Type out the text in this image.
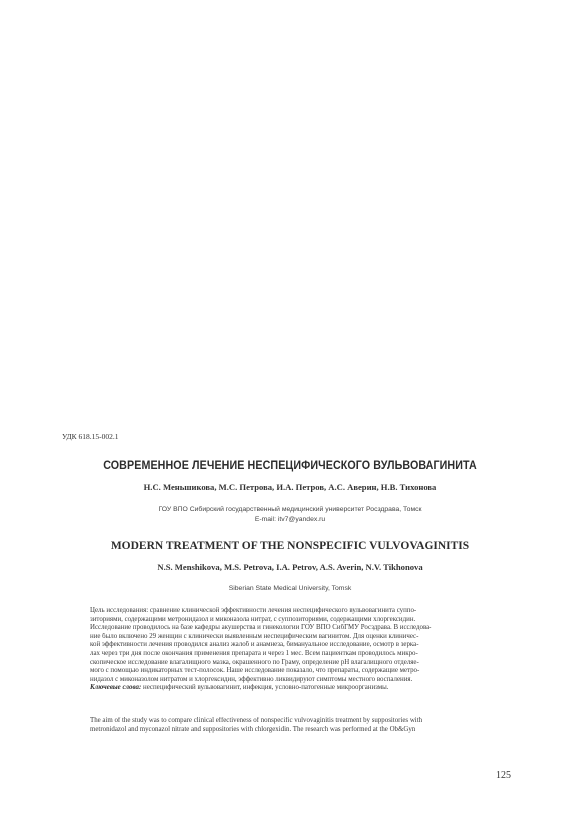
УДК 618.15-002.1
СОВРЕМЕННОЕ ЛЕЧЕНИЕ НЕСПЕЦИФИЧЕСКОГО ВУЛЬВОВАГИНИТА
Н.С. Меньшикова, М.С. Петрова, И.А. Петров, А.С. Аверин, Н.В. Тихонова
ГОУ ВПО Сибирский государственный медицинский университет Росздрава, Томск
E-mail: itv7@yandex.ru
MODERN TREATMENT OF THE NONSPECIFIC VULVOVAGINITIS
N.S. Menshikova, M.S. Petrova, I.A. Petrov, A.S. Averin, N.V. Tikhonova
Siberian State Medical University, Tomsk
Цель исследования: сравнение клинической эффективности лечения неспецифического вульвовагинита суппо-
зиториями, содержащими метронидазол и миконазола нитрат, с суппозиториями, содержащими хлоргексидин.
Исследование проводилось на базе кафедры акушерства и гинекологии ГОУ ВПО СибГМУ Росздрава. В исследова-
ние было включено 29 женщин с клинически выявленным неспецифическим вагинитом. Для оценки клиничес-
кой эффективности лечения проводился анализ жалоб и анамнеза, бимануальное исследование, осмотр в зерка-
лах через три дня после окончания применения препарата и через 1 мес. Всем пациенткам проводилось микро-
скопическое исследование влагалищного мазка, окрашенного по Граму, определение pH влагалищного отделяе-
мого с помощью индикаторных тест-полосок. Наше исследование показало, что препараты, содержащие метро-
нидазол с миконазолом нитратом и хлоргексидин, эффективно ликвидируют симптомы местного воспаления.
Ключевые слова: неспецифический вульвовагинит, инфекция, условно-патогенные микроорганизмы.
The aim of the study was to compare clinical effectiveness of nonspecific vulvovaginitis treatment by suppositories with
metronidazol and myconazol nitrate and suppositories with chlorgexidin. The research was performed at the Ob&Gyn
125
